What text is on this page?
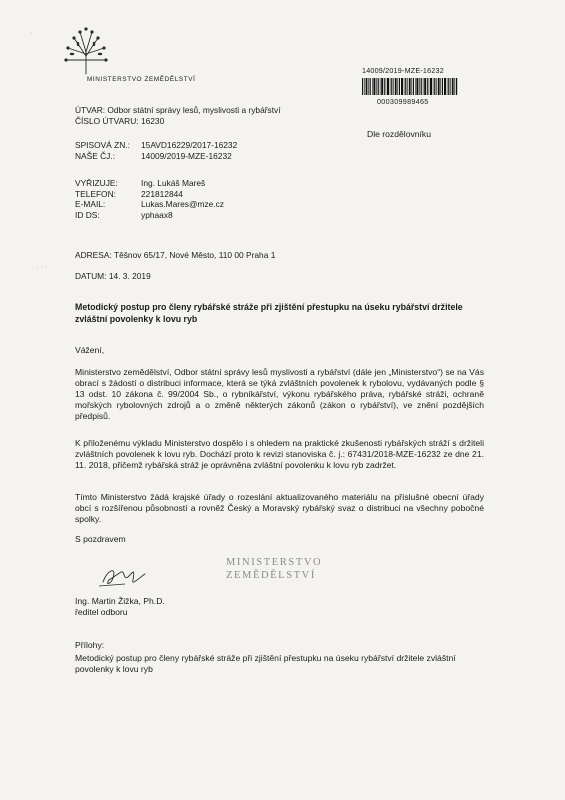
MINISTERSTVO ZEMĚDĚLSTVÍ
14009/2019-MZE-16232
000309989465
Dle rozdělovníku
ÚTVAR:
Odbor státní správy lesů, myslivosti a rybářství
ČÍSLO ÚTVARU:
16230
SPISOVÁ ZN.:	15AVD16229/2017-16232
NAŠE ČJ.:	14009/2019-MZE-16232
VYŘIZUJE:	Ing. Lukáš Mareš
TELEFON:	221812844
E-MAIL:	Lukas.Mares@mze.cz
ID DS:	yphaax8
ADRESA: Těšnov 65/17, Nové Město, 110 00 Praha 1
DATUM: 14. 3. 2019
Metodický postup pro členy rybářské stráže při zjištění přestupku na úseku rybářství držitele zvláštní povolenky k lovu ryb
Vážení,
Ministerstvo zemědělství, Odbor státní správy lesů myslivosti a rybářství (dále jen „Ministerstvo“) se na Vás obrací s žádostí o distribuci informace, která se týká zvláštních povolenek k rybolovu, vydávaných podle § 13 odst. 10 zákona č. 99/2004 Sb., o rybníkářství, výkonu rybářského práva, rybářské stráži, ochraně mořských rybolovných zdrojů a o změně některých zákonů (zákon o rybářství), ve znění pozdějších předpisů.
K přiloženému výkladu Ministerstvo dospělo i s ohledem na praktické zkušenosti rybářských stráží s držiteli zvláštních povolenek k lovu ryb. Dochází proto k revizi stanoviska č. j.: 67431/2018-MZE-16232 ze dne 21. 11. 2018, přičemž rybářská stráž je oprávněna zvláštní povolenku k lovu ryb zadržet.
Tímto Ministerstvo žádá krajské úřady o rozeslání aktualizovaného materiálu na příslušné obecní úřady obcí s rozšířenou působností a rovněž Český a Moravský rybářský svaz o distribuci na všechny pobočné spolky.
S pozdravem
MINISTERSTVO
ZEMĚDĚLSTVÍ
Ing. Martin Žižka, Ph.D.
ředitel odboru
Přílohy:
Metodický postup pro členy rybářské stráže při zjištění přestupku na úseku rybářství držitele zvláštní povolenky k lovu ryb
·
· · ·
